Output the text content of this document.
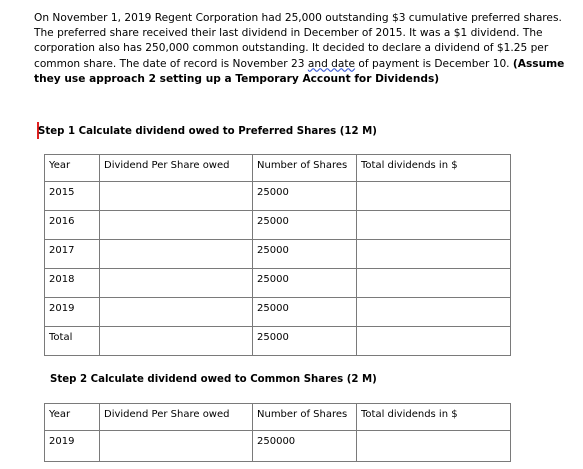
On November 1, 2019 Regent Corporation had 25,000 outstanding $3 cumulative preferred shares. The preferred share received their last dividend in December of 2015. It was a $1 dividend. The corporation also has 250,000 common outstanding. It decided to declare a dividend of $1.25 per common share. The date of record is November 23 and date of payment is December 10. (Assume they use approach 2 setting up a Temporary Account for Dividends)

Step 1 Calculate dividend owed to Preferred Shares (12 M)

Year	Dividend Per Share owed	Number of Shares	Total dividends in $
2015		25000	
2016		25000	
2017		25000	
2018		25000	
2019		25000	
Total		25000	

Step 2 Calculate dividend owed to Common Shares (2 M)

Year	Dividend Per Share owed	Number of Shares	Total dividends in $
2019		250000	
